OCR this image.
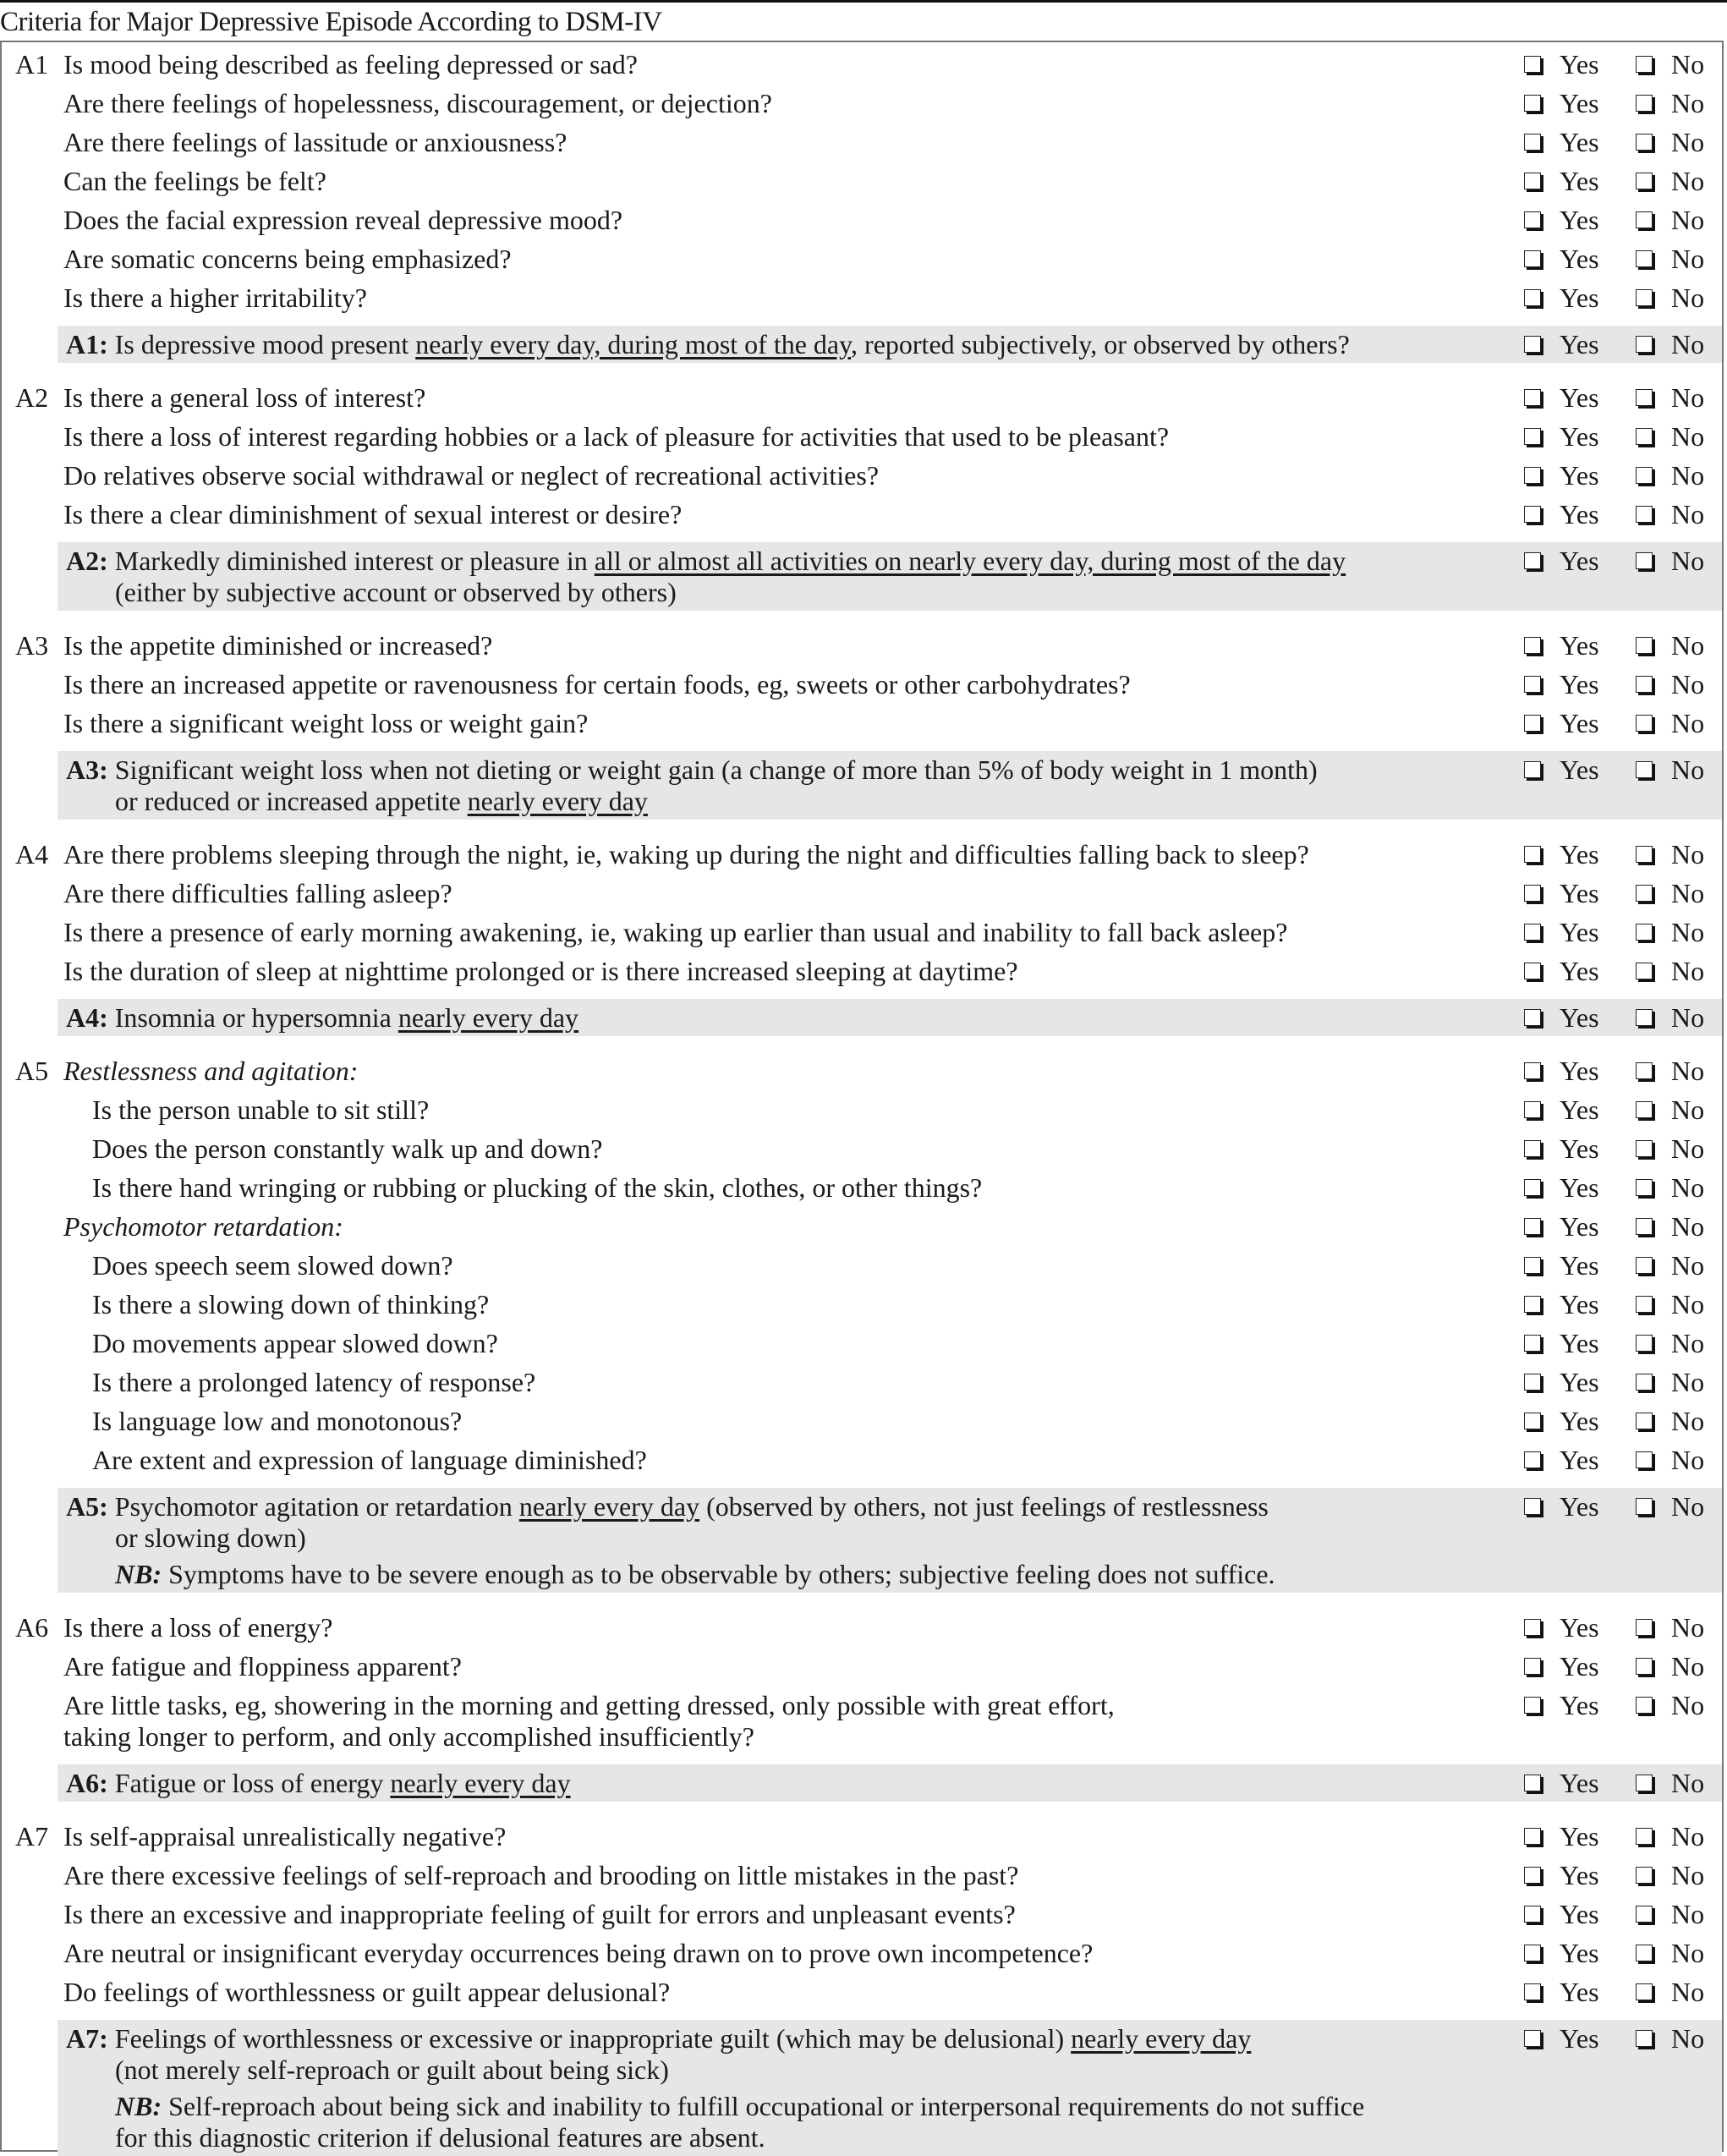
Criteria for Major Depressive Episode According to DSM-IV
A1 Is mood being described as feeling depressed or sad?	Yes	No
Are there feelings of hopelessness, discouragement, or dejection?	Yes	No
Are there feelings of lassitude or anxiousness?	Yes	No
Can the feelings be felt?	Yes	No
Does the facial expression reveal depressive mood?	Yes	No
Are somatic concerns being emphasized?	Yes	No
Is there a higher irritability?	Yes	No
A1: Is depressive mood present nearly every day, during most of the day, reported subjectively, or observed by others?	Yes	No
A2 Is there a general loss of interest?	Yes	No
Is there a loss of interest regarding hobbies or a lack of pleasure for activities that used to be pleasant?	Yes	No
Do relatives observe social withdrawal or neglect of recreational activities?	Yes	No
Is there a clear diminishment of sexual interest or desire?	Yes	No
A2: Markedly diminished interest or pleasure in all or almost all activities on nearly every day, during most of the day
(either by subjective account or observed by others)
Yes	No
A3 Is the appetite diminished or increased?	Yes	No
Is there an increased appetite or ravenousness for certain foods, eg, sweets or other carbohydrates?	Yes	No
Is there a significant weight loss or weight gain?	Yes	No
A3: Significant weight loss when not dieting or weight gain (a change of more than 5% of body weight in 1 month)
or reduced or increased appetite nearly every day
Yes	No
A4 Are there problems sleeping through the night, ie, waking up during the night and difficulties falling back to sleep?	Yes	No
Are there difficulties falling asleep?	Yes	No
Is there a presence of early morning awakening, ie, waking up earlier than usual and inability to fall back asleep?	Yes	No
Is the duration of sleep at nighttime prolonged or is there increased sleeping at daytime?	Yes	No
A4: Insomnia or hypersomnia nearly every day	Yes	No
A5 Restlessness and agitation:	Yes	No
Is the person unable to sit still?	Yes	No
Does the person constantly walk up and down?	Yes	No
Is there hand wringing or rubbing or plucking of the skin, clothes, or other things?	Yes	No
Psychomotor retardation:	Yes	No
Does speech seem slowed down?	Yes	No
Is there a slowing down of thinking?	Yes	No
Do movements appear slowed down?	Yes	No
Is there a prolonged latency of response?	Yes	No
Is language low and monotonous?	Yes	No
Are extent and expression of language diminished?	Yes	No
A5: Psychomotor agitation or retardation nearly every day (observed by others, not just feelings of restlessness
or slowing down)
NB: Symptoms have to be severe enough as to be observable by others; subjective feeling does not suffice.
Yes	No
A6 Is there a loss of energy?	Yes	No
Are fatigue and floppiness apparent?	Yes	No
Are little tasks, eg, showering in the morning and getting dressed, only possible with great effort,
taking longer to perform, and only accomplished insufficiently?
Yes	No
A6: Fatigue or loss of energy nearly every day	Yes	No
A7 Is self-appraisal unrealistically negative?	Yes	No
Are there excessive feelings of self-reproach and brooding on little mistakes in the past?	Yes	No
Is there an excessive and inappropriate feeling of guilt for errors and unpleasant events?	Yes	No
Are neutral or insignificant everyday occurrences being drawn on to prove own incompetence?	Yes	No
Do feelings of worthlessness or guilt appear delusional?	Yes	No
A7: Feelings of worthlessness or excessive or inappropriate guilt (which may be delusional) nearly every day
(not merely self-reproach or guilt about being sick)
NB: Self-reproach about being sick and inability to fulfill occupational or interpersonal requirements do not suffice
for this diagnostic criterion if delusional features are absent.
Yes	No
